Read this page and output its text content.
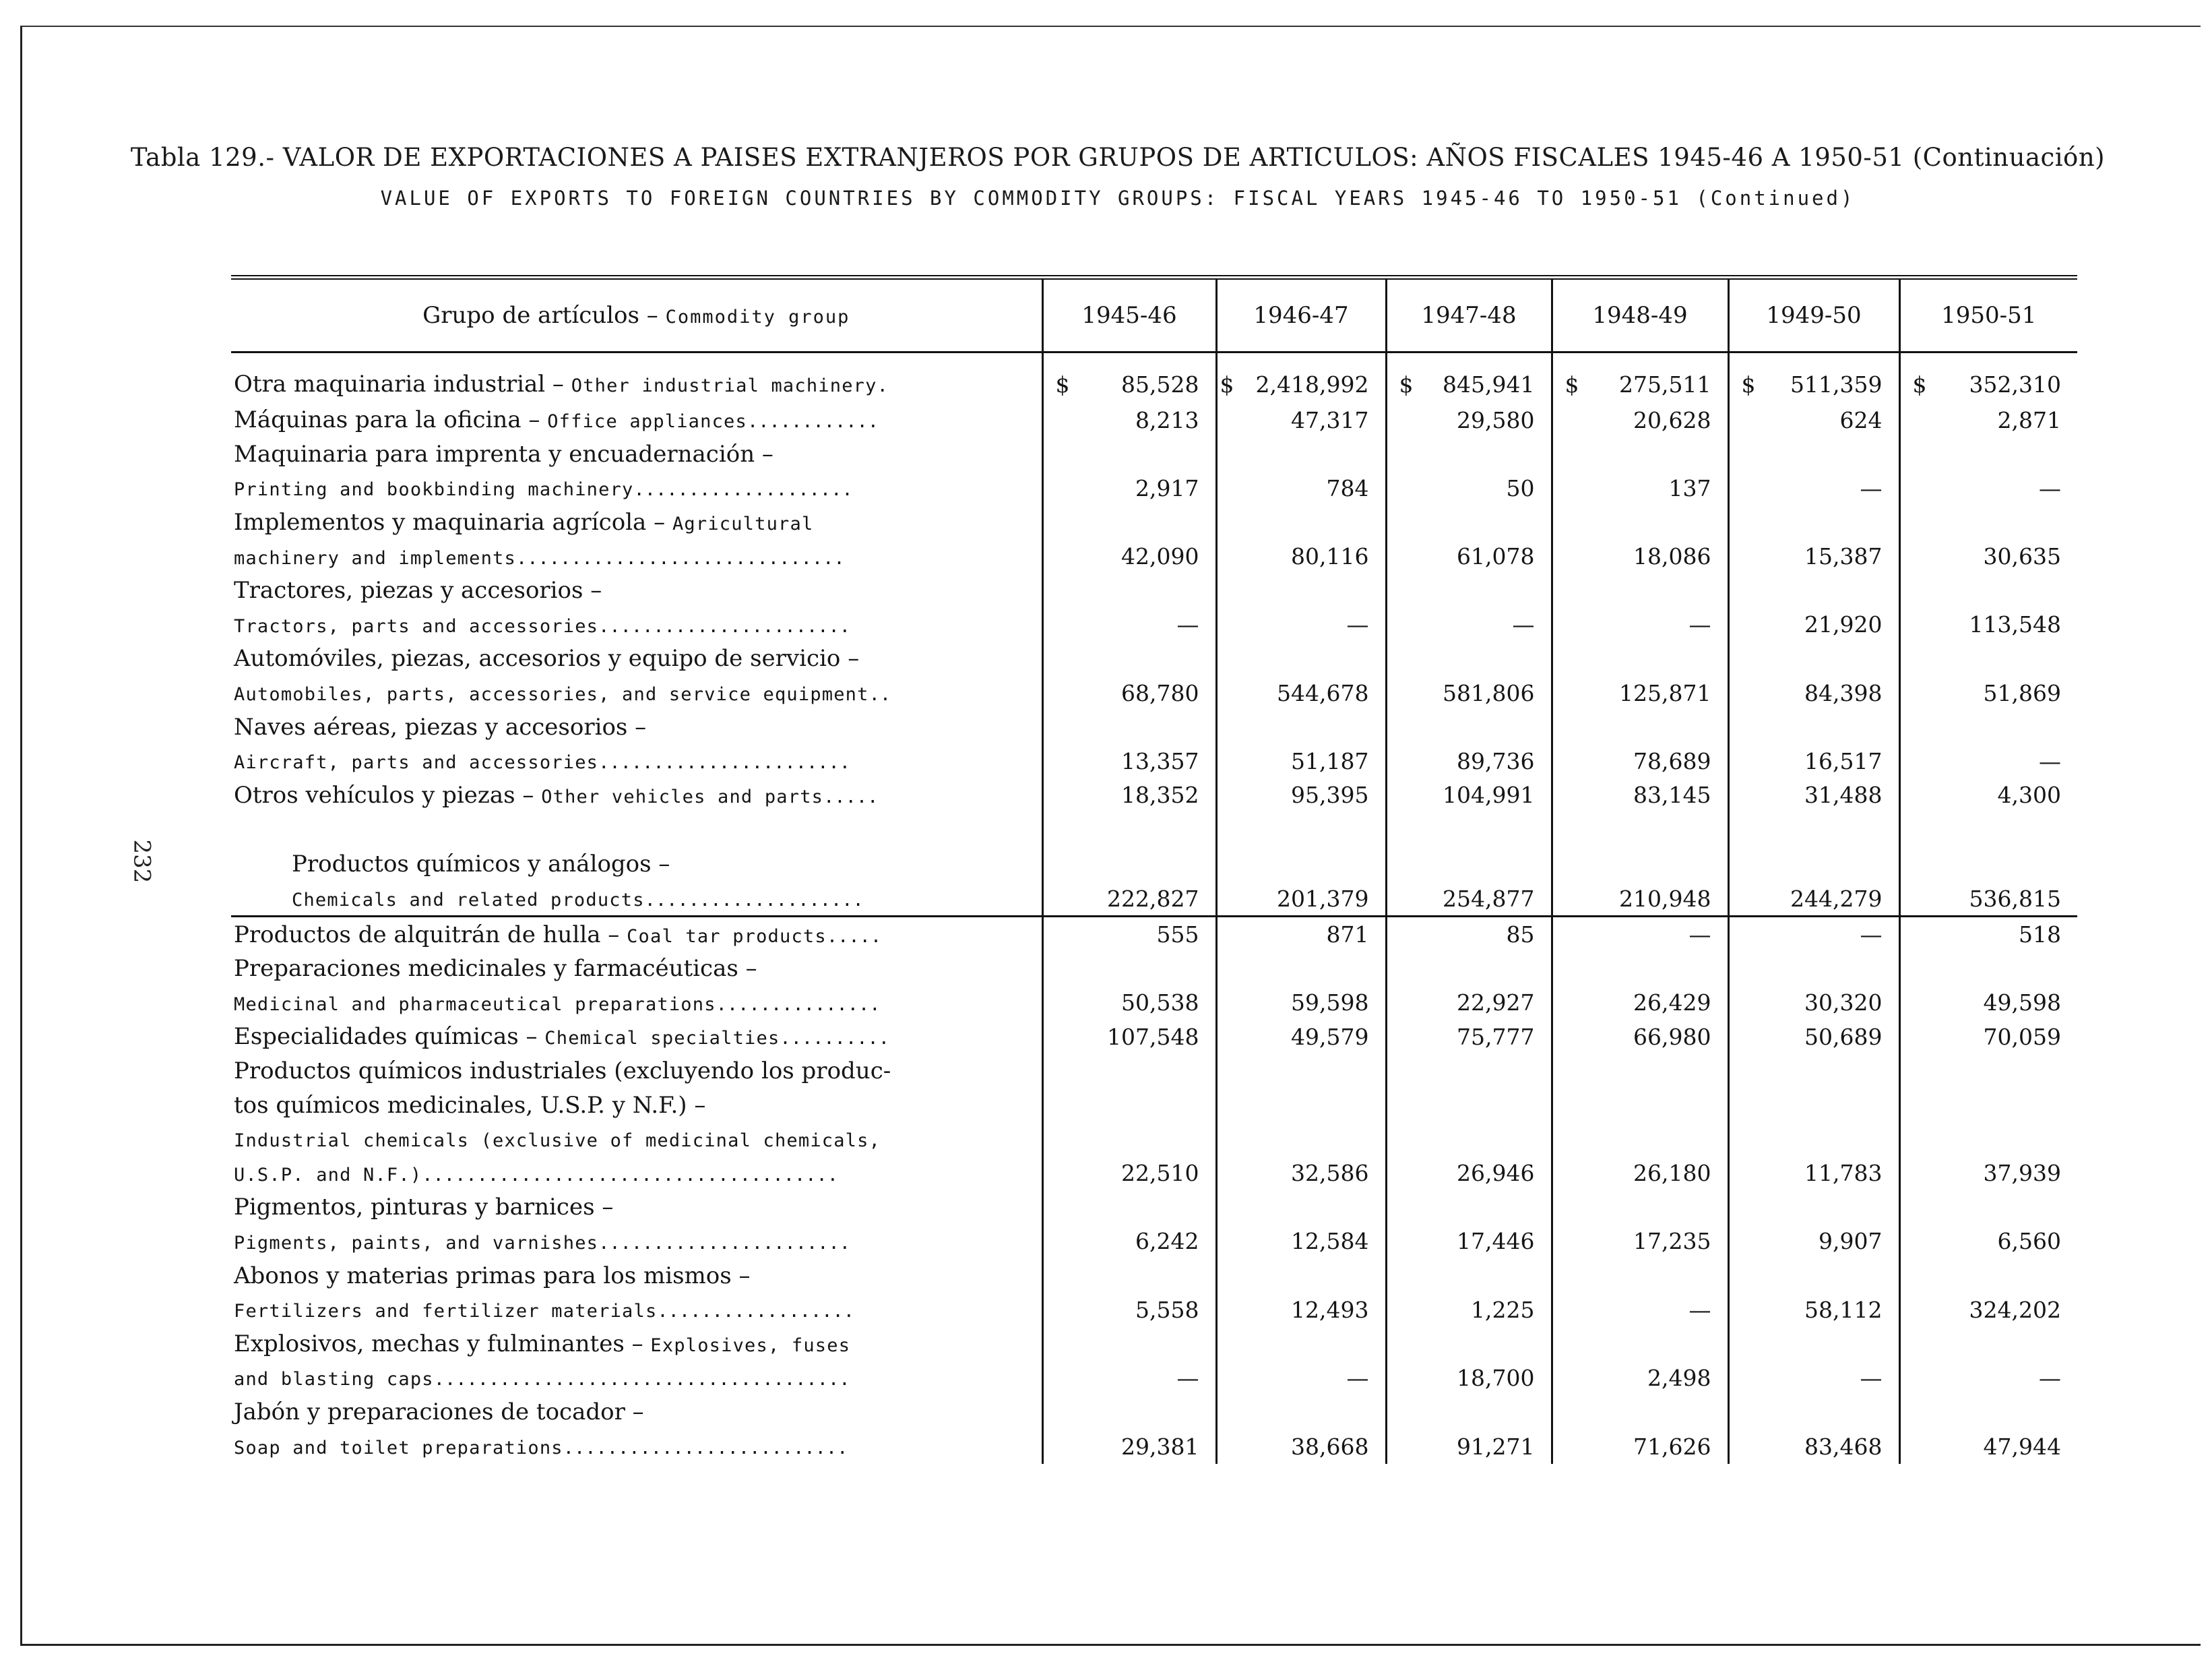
Tabla 129.- VALOR DE EXPORTACIONES A PAISES EXTRANJEROS POR GRUPOS DE ARTICULOS: AÑOS FISCALES 1945-46 A 1950-51 (Continuación)
VALUE OF EXPORTS TO FOREIGN COUNTRIES BY COMMODITY GROUPS: FISCAL YEARS 1945-46 TO 1950-51 (Continued)
232
Grupo de artículos – Commodity group	1945-46	1946-47	1947-48	1948-49	1949-50	1950-51
Otra maquinaria industrial – Other industrial machinery.	$ 85,528	$ 2,418,992	$ 845,941	$ 275,511	$ 511,359	$ 352,310
Máquinas para la oficina – Office appliances............	8,213	47,317	29,580	20,628	624	2,871
Maquinaria para imprenta y encuadernación –	

Printing and bookbinding machinery....................	2,917	784	50	137	—	—
Implementos y maquinaria agrícola – Agricultural	

machinery and implements..............................	42,090	80,116	61,078	18,086	15,387	30,635
Tractores, piezas y accesorios –	

Tractors, parts and accessories.......................	—	—	—	—	21,920	113,548
Automóviles, piezas, accesorios y equipo de servicio –	

Automobiles, parts, accessories, and service equipment..	68,780	544,678	581,806	125,871	84,398	51,869
Naves aéreas, piezas y accesorios –	

Aircraft, parts and accessories.......................	13,357	51,187	89,736	78,689	16,517	—
Otros vehículos y piezas – Other vehicles and parts.....	18,352	95,395	104,991	83,145	31,488	4,300

Productos químicos y análogos –	

Chemicals and related products....................	222,827	201,379	254,877	210,948	244,279	536,815
Productos de alquitrán de hulla – Coal tar products.....	555	871	85	—	—	518
Preparaciones medicinales y farmacéuticas –	

Medicinal and pharmaceutical preparations...............	50,538	59,598	22,927	26,429	30,320	49,598
Especialidades químicas – Chemical specialties..........	107,548	49,579	75,777	66,980	50,689	70,059
Productos químicos industriales (excluyendo los produc-	

tos químicos medicinales, U.S.P. y N.F.) –	

Industrial chemicals (exclusive of medicinal chemicals,	

U.S.P. and N.F.)......................................	22,510	32,586	26,946	26,180	11,783	37,939
Pigmentos, pinturas y barnices –	

Pigments, paints, and varnishes.......................	6,242	12,584	17,446	17,235	9,907	6,560
Abonos y materias primas para los mismos –	

Fertilizers and fertilizer materials..................	5,558	12,493	1,225	—	58,112	324,202
Explosivos, mechas y fulminantes – Explosives, fuses	

and blasting caps......................................	—	—	18,700	2,498	—	—
Jabón y preparaciones de tocador –	

Soap and toilet preparations..........................	29,381	38,668	91,271	71,626	83,468	47,944
